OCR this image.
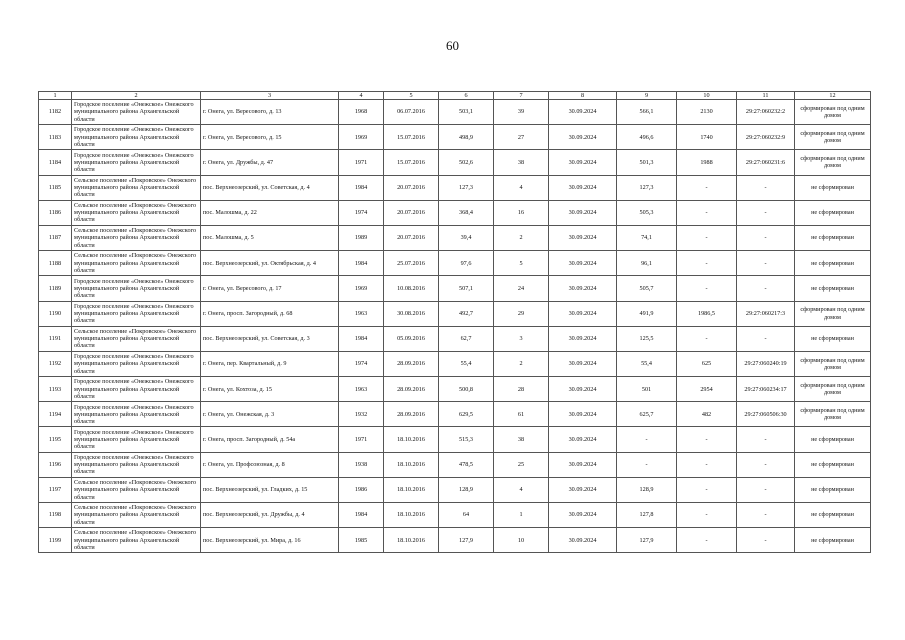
60
1	2	3	4	5	6	7	8	9	10	11	12
1182	Городское поселение «Онежское» Онежского муниципального района Архангельской области	г. Онега, ул. Вересового, д. 13	1968	06.07.2016	503,1	39	30.09.2024	566,1	2130	29:27:060232:2	сформирован под одним домом
1183	Городское поселение «Онежское» Онежского муниципального района Архангельской области	г. Онега, ул. Вересового, д. 15	1969	15.07.2016	498,9	27	30.09.2024	496,6	1740	29:27:060232:9	сформирован под одним домом
1184	Городское поселение «Онежское» Онежского муниципального района Архангельской области	г. Онега, ул. Дружбы, д. 47	1971	15.07.2016	502,6	38	30.09.2024	501,3	1988	29:27:060231:6	сформирован под одним домом
1185	Сельское поселение «Покровское» Онежского муниципального района Архангельской области	пос. Верхнеозерский, ул. Советская, д. 4	1984	20.07.2016	127,3	4	30.09.2024	127,3	-	-	не сформирован
1186	Сельское поселение «Покровское» Онежского муниципального района Архангельской области	пос. Малошма, д. 22	1974	20.07.2016	368,4	16	30.09.2024	505,3	-	-	не сформирован
1187	Сельское поселение «Покровское» Онежского муниципального района Архангельской области	пос. Малошма, д. 5	1989	20.07.2016	39,4	2	30.09.2024	74,1	-	-	не сформирован
1188	Сельское поселение «Покровское» Онежского муниципального района Архангельской области	пос. Верхнеозерский, ул. Октябрьская, д. 4	1984	25.07.2016	97,6	5	30.09.2024	96,1	-	-	не сформирован
1189	Городское поселение «Онежское» Онежского муниципального района Архангельской области	г. Онега, ул. Вересового, д. 17	1969	10.08.2016	507,1	24	30.09.2024	505,7	-	-	не сформирован
1190	Городское поселение «Онежское» Онежского муниципального района Архангельской области	г. Онега, просп. Загородный, д. 68	1963	30.08.2016	492,7	29	30.09.2024	491,9	1986,5	29:27:060217:3	сформирован под одним домом
1191	Сельское поселение «Покровское» Онежского муниципального района Архангельской области	пос. Верхнеозерский, ул. Советская, д. 3	1984	05.09.2016	62,7	3	30.09.2024	125,5	-	-	не сформирован
1192	Городское поселение «Онежское» Онежского муниципального района Архангельской области	г. Онега, пер. Квартальный, д. 9	1974	28.09.2016	55,4	2	30.09.2024	55,4	625	29:27:060240:19	сформирован под одним домом
1193	Городское поселение «Онежское» Онежского муниципального района Архангельской области	г. Онега, ул. Кохтоза, д. 15	1963	28.09.2016	500,8	28	30.09.2024	501	2954	29:27:060234:17	сформирован под одним домом
1194	Городское поселение «Онежское» Онежского муниципального района Архангельской области	г. Онега, ул. Онежская, д. 3	1932	28.09.2016	629,5	61	30.09.2024	625,7	482	29:27:060506:30	сформирован под одним домом
1195	Городское поселение «Онежское» Онежского муниципального района Архангельской области	г. Онега, просп. Загородный, д. 54а	1971	18.10.2016	515,3	38	30.09.2024	-	-	-	не сформирован
1196	Городское поселение «Онежское» Онежского муниципального района Архангельской области	г. Онега, ул. Профсоюзная, д. 8	1938	18.10.2016	478,5	25	30.09.2024	-	-	-	не сформирован
1197	Сельское поселение «Покровское» Онежского муниципального района Архангельской области	пос. Верхнеозерский, ул. Гладких, д. 15	1986	18.10.2016	128,9	4	30.09.2024	128,9	-	-	не сформирован
1198	Сельское поселение «Покровское» Онежского муниципального района Архангельской области	пос. Верхнеозерский, ул. Дружбы, д. 4	1984	18.10.2016	64	1	30.09.2024	127,8	-	-	не сформирован
1199	Сельское поселение «Покровское» Онежского муниципального района Архангельской области	пос. Верхнеозерский, ул. Мира, д. 16	1985	18.10.2016	127,9	10	30.09.2024	127,9	-	-	не сформирован
